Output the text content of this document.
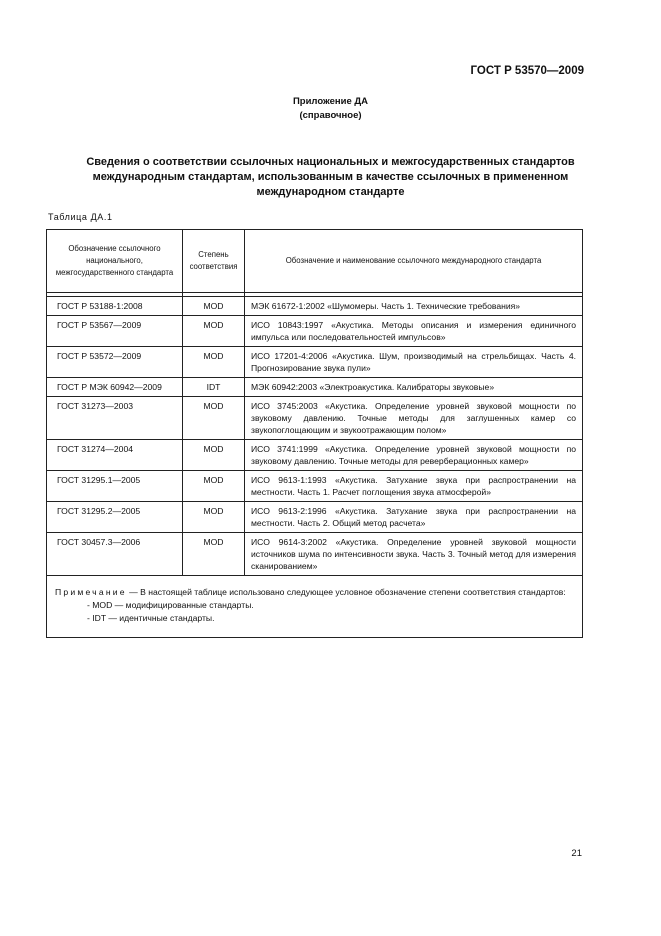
ГОСТ Р 53570—2009
Приложение ДА
(справочное)
Сведения о соответствии ссылочных национальных и межгосударственных стандартов международным стандартам, использованным в качестве ссылочных в примененном международном стандарте
Таблица ДА.1
Обозначение ссылочного национального, межгосударственного стандарта	Степень соответствия	Обозначение и наименование ссылочного международного стандарта

ГОСТ Р 53188-1:2008	MOD	МЭК 61672-1:2002 «Шумомеры. Часть 1. Технические требования»
ГОСТ Р 53567—2009	MOD	ИСО 10843:1997 «Акустика. Методы описания и измерения единичного импульса или последовательностей импульсов»
ГОСТ Р 53572—2009	MOD	ИСО 17201-4:2006 «Акустика. Шум, производимый на стрельбищах. Часть 4. Прогнозирование звука пули»
ГОСТ Р МЭК 60942—2009	IDT	МЭК 60942:2003 «Электроакустика. Калибраторы звуковые»
ГОСТ 31273—2003	MOD	ИСО 3745:2003 «Акустика. Определение уровней звуковой мощности по звуковому давлению. Точные методы для заглушенных камер со звукопоглощающим и звукоотражающим полом»
ГОСТ 31274—2004	MOD	ИСО 3741:1999 «Акустика. Определение уровней звуковой мощности по звуковому давлению. Точные методы для реверберационных камер»
ГОСТ 31295.1—2005	MOD	ИСО 9613-1:1993 «Акустика. Затухание звука при распространении на местности. Часть 1. Расчет поглощения звука атмосферой»
ГОСТ 31295.2—2005	MOD	ИСО 9613-2:1996 «Акустика. Затухание звука при распространении на местности. Часть 2. Общий метод расчета»
ГОСТ 30457.3—2006	MOD	ИСО 9614-3:2002 «Акустика. Определение уровней звуковой мощности источников шума по интенсивности звука. Часть 3. Точный метод для измерения сканированием»

Примечание — В настоящей таблице использовано следующее условное обозначение степени соответствия стандартов:

- MOD — модифицированные стандарты.

- IDT — идентичные стандарты.		

21
